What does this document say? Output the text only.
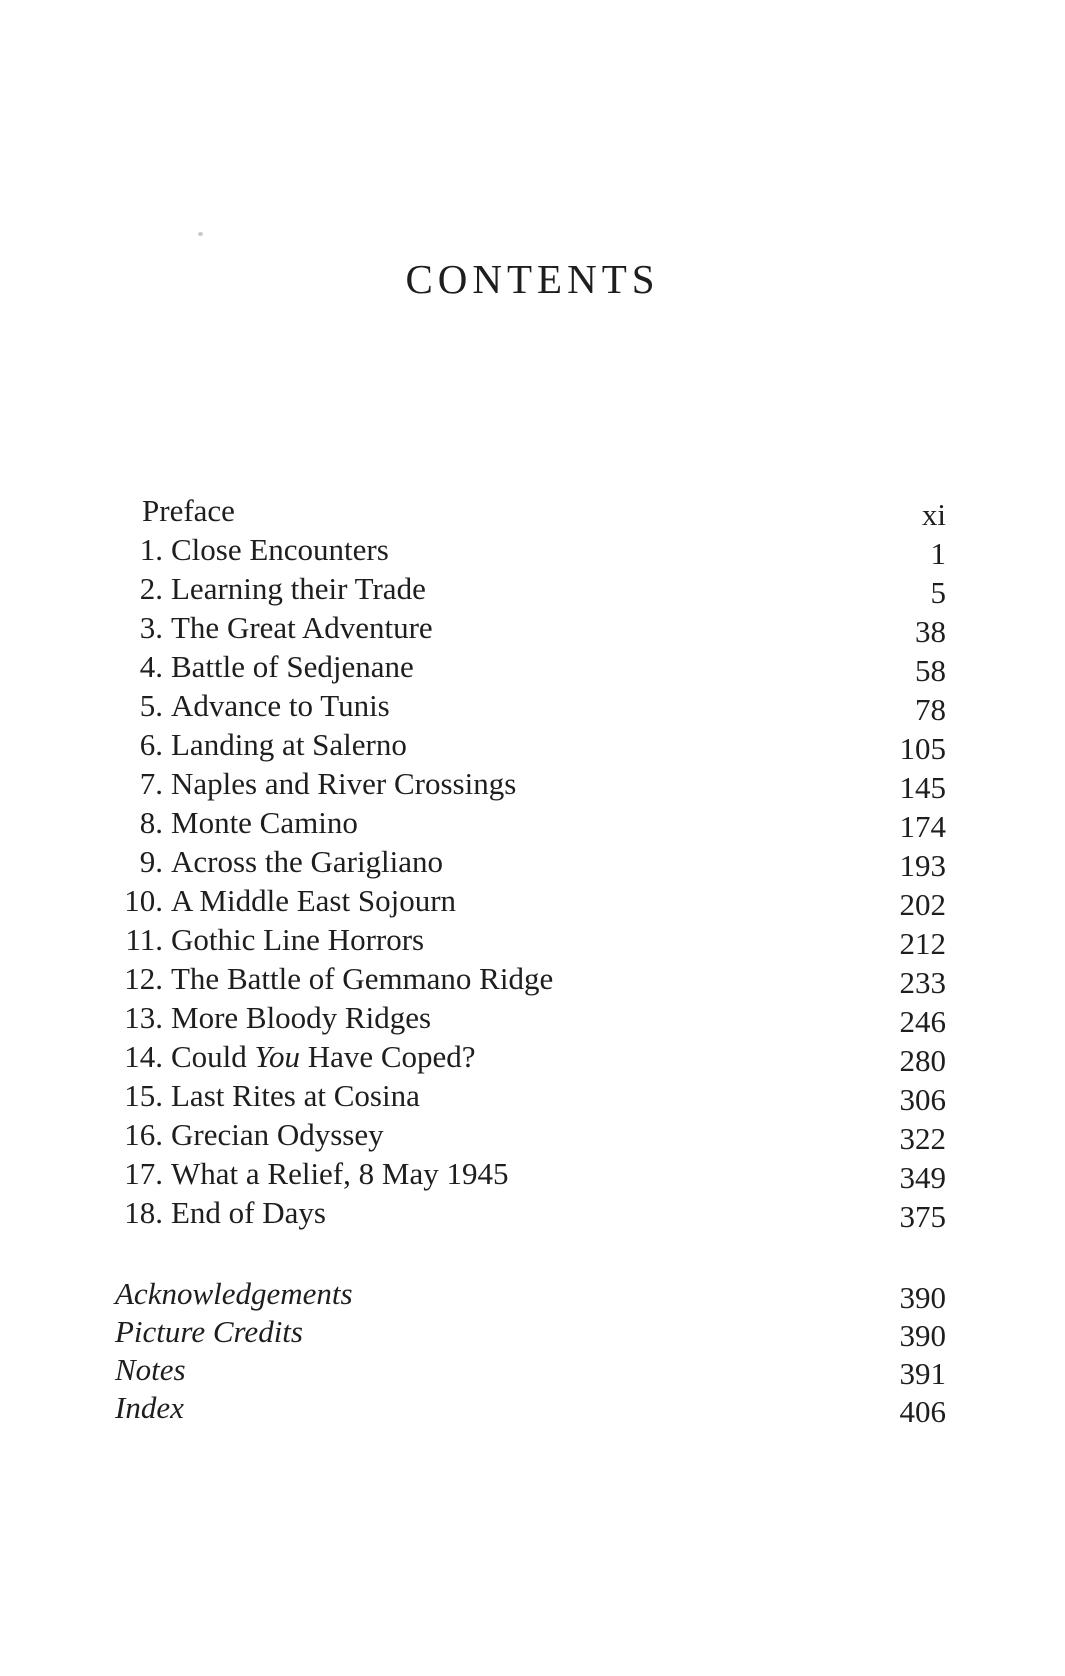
CONTENTS
Preface	xi
1. Close Encounters	1
2. Learning their Trade	5
3. The Great Adventure	38
4. Battle of Sedjenane	58
5. Advance to Tunis	78
6. Landing at Salerno	105
7. Naples and River Crossings	145
8. Monte Camino	174
9. Across the Garigliano	193
10. A Middle East Sojourn	202
11. Gothic Line Horrors	212
12. The Battle of Gemmano Ridge	233
13. More Bloody Ridges	246
14. Could You Have Coped?	280
15. Last Rites at Cosina	306
16. Grecian Odyssey	322
17. What a Relief, 8 May 1945	349
18. End of Days	375
Acknowledgements	390
Picture Credits	390
Notes	391
Index	406
